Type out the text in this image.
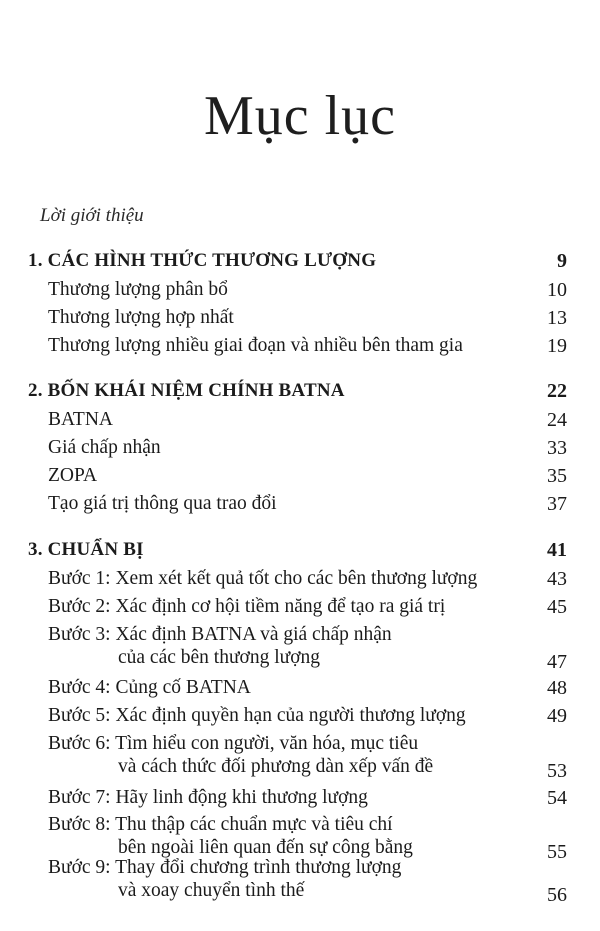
Mục lục
Lời giới thiệu
1. CÁC HÌNH THỨC THƯƠNG LƯỢNG	9
Thương lượng phân bổ	10
Thương lượng hợp nhất	13
Thương lượng nhiều giai đoạn và nhiều bên tham gia	19
2. BỐN KHÁI NIỆM CHÍNH BATNA	22
BATNA	24
Giá chấp nhận	33
ZOPA	35
Tạo giá trị thông qua trao đổi	37
3. CHUẨN BỊ	41
Bước 1: Xem xét kết quả tốt cho các bên thương lượng	43
Bước 2: Xác định cơ hội tiềm năng để tạo ra giá trị	45
Bước 3: Xác định BATNA và giá chấp nhận
của các bên thương lượng	47
Bước 4: Củng cố BATNA	48
Bước 5: Xác định quyền hạn của người thương lượng	49
Bước 6: Tìm hiểu con người, văn hóa, mục tiêu
và cách thức đối phương dàn xếp vấn đề	53
Bước 7: Hãy linh động khi thương lượng	54
Bước 8: Thu thập các chuẩn mực và tiêu chí
bên ngoài liên quan đến sự công bằng	55
Bước 9: Thay đổi chương trình thương lượng
và xoay chuyển tình thế	56
